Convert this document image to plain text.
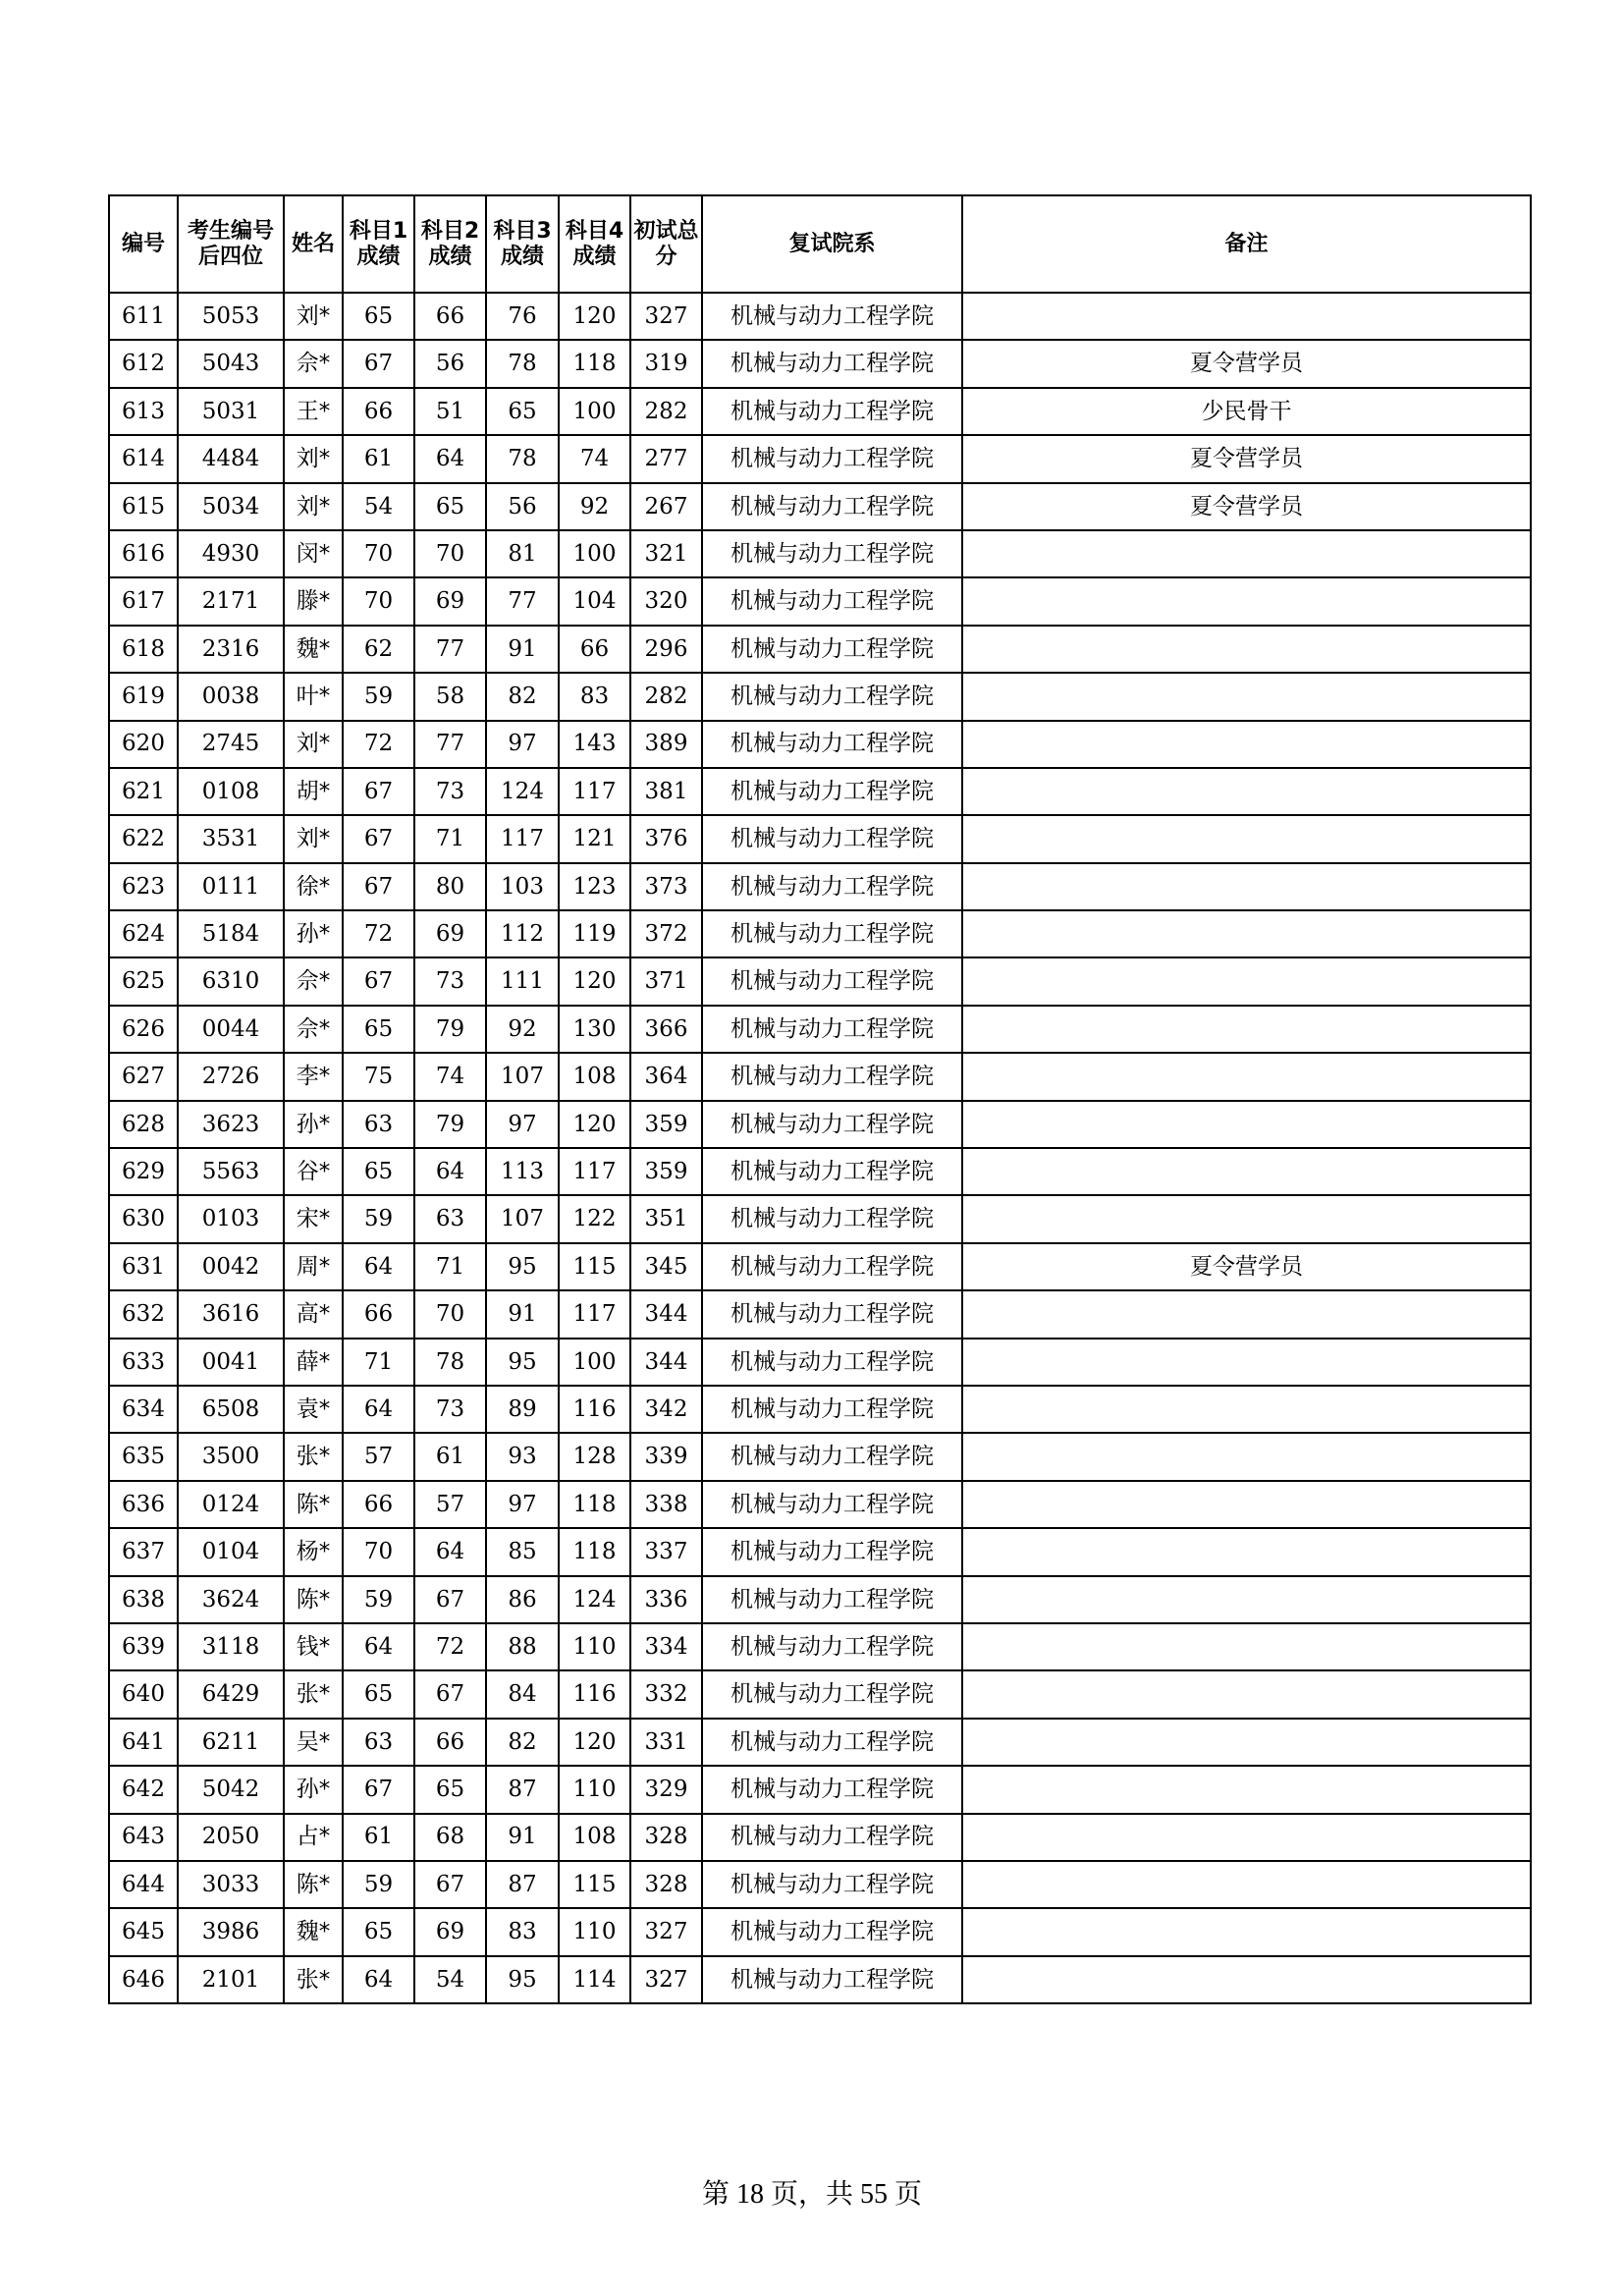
编号	考生编号后四位	姓名	科目1成绩	科目2成绩	科目3成绩	科目4成绩	初试总分	复试院系	备注
611	5053	刘*	65	66	76	120	327	机械与动力工程学院	
612	5043	佘*	67	56	78	118	319	机械与动力工程学院	夏令营学员
613	5031	王*	66	51	65	100	282	机械与动力工程学院	少民骨干
614	4484	刘*	61	64	78	74	277	机械与动力工程学院	夏令营学员
615	5034	刘*	54	65	56	92	267	机械与动力工程学院	夏令营学员
616	4930	闵*	70	70	81	100	321	机械与动力工程学院	
617	2171	滕*	70	69	77	104	320	机械与动力工程学院	
618	2316	魏*	62	77	91	66	296	机械与动力工程学院	
619	0038	叶*	59	58	82	83	282	机械与动力工程学院	
620	2745	刘*	72	77	97	143	389	机械与动力工程学院	
621	0108	胡*	67	73	124	117	381	机械与动力工程学院	
622	3531	刘*	67	71	117	121	376	机械与动力工程学院	
623	0111	徐*	67	80	103	123	373	机械与动力工程学院	
624	5184	孙*	72	69	112	119	372	机械与动力工程学院	
625	6310	佘*	67	73	111	120	371	机械与动力工程学院	
626	0044	佘*	65	79	92	130	366	机械与动力工程学院	
627	2726	李*	75	74	107	108	364	机械与动力工程学院	
628	3623	孙*	63	79	97	120	359	机械与动力工程学院	
629	5563	谷*	65	64	113	117	359	机械与动力工程学院	
630	0103	宋*	59	63	107	122	351	机械与动力工程学院	
631	0042	周*	64	71	95	115	345	机械与动力工程学院	夏令营学员
632	3616	高*	66	70	91	117	344	机械与动力工程学院	
633	0041	薛*	71	78	95	100	344	机械与动力工程学院	
634	6508	袁*	64	73	89	116	342	机械与动力工程学院	
635	3500	张*	57	61	93	128	339	机械与动力工程学院	
636	0124	陈*	66	57	97	118	338	机械与动力工程学院	
637	0104	杨*	70	64	85	118	337	机械与动力工程学院	
638	3624	陈*	59	67	86	124	336	机械与动力工程学院	
639	3118	钱*	64	72	88	110	334	机械与动力工程学院	
640	6429	张*	65	67	84	116	332	机械与动力工程学院	
641	6211	吴*	63	66	82	120	331	机械与动力工程学院	
642	5042	孙*	67	65	87	110	329	机械与动力工程学院	
643	2050	占*	61	68	91	108	328	机械与动力工程学院	
644	3033	陈*	59	67	87	115	328	机械与动力工程学院	
645	3986	魏*	65	69	83	110	327	机械与动力工程学院	
646	2101	张*	64	54	95	114	327	机械与动力工程学院	
第 18 页，共 55 页
